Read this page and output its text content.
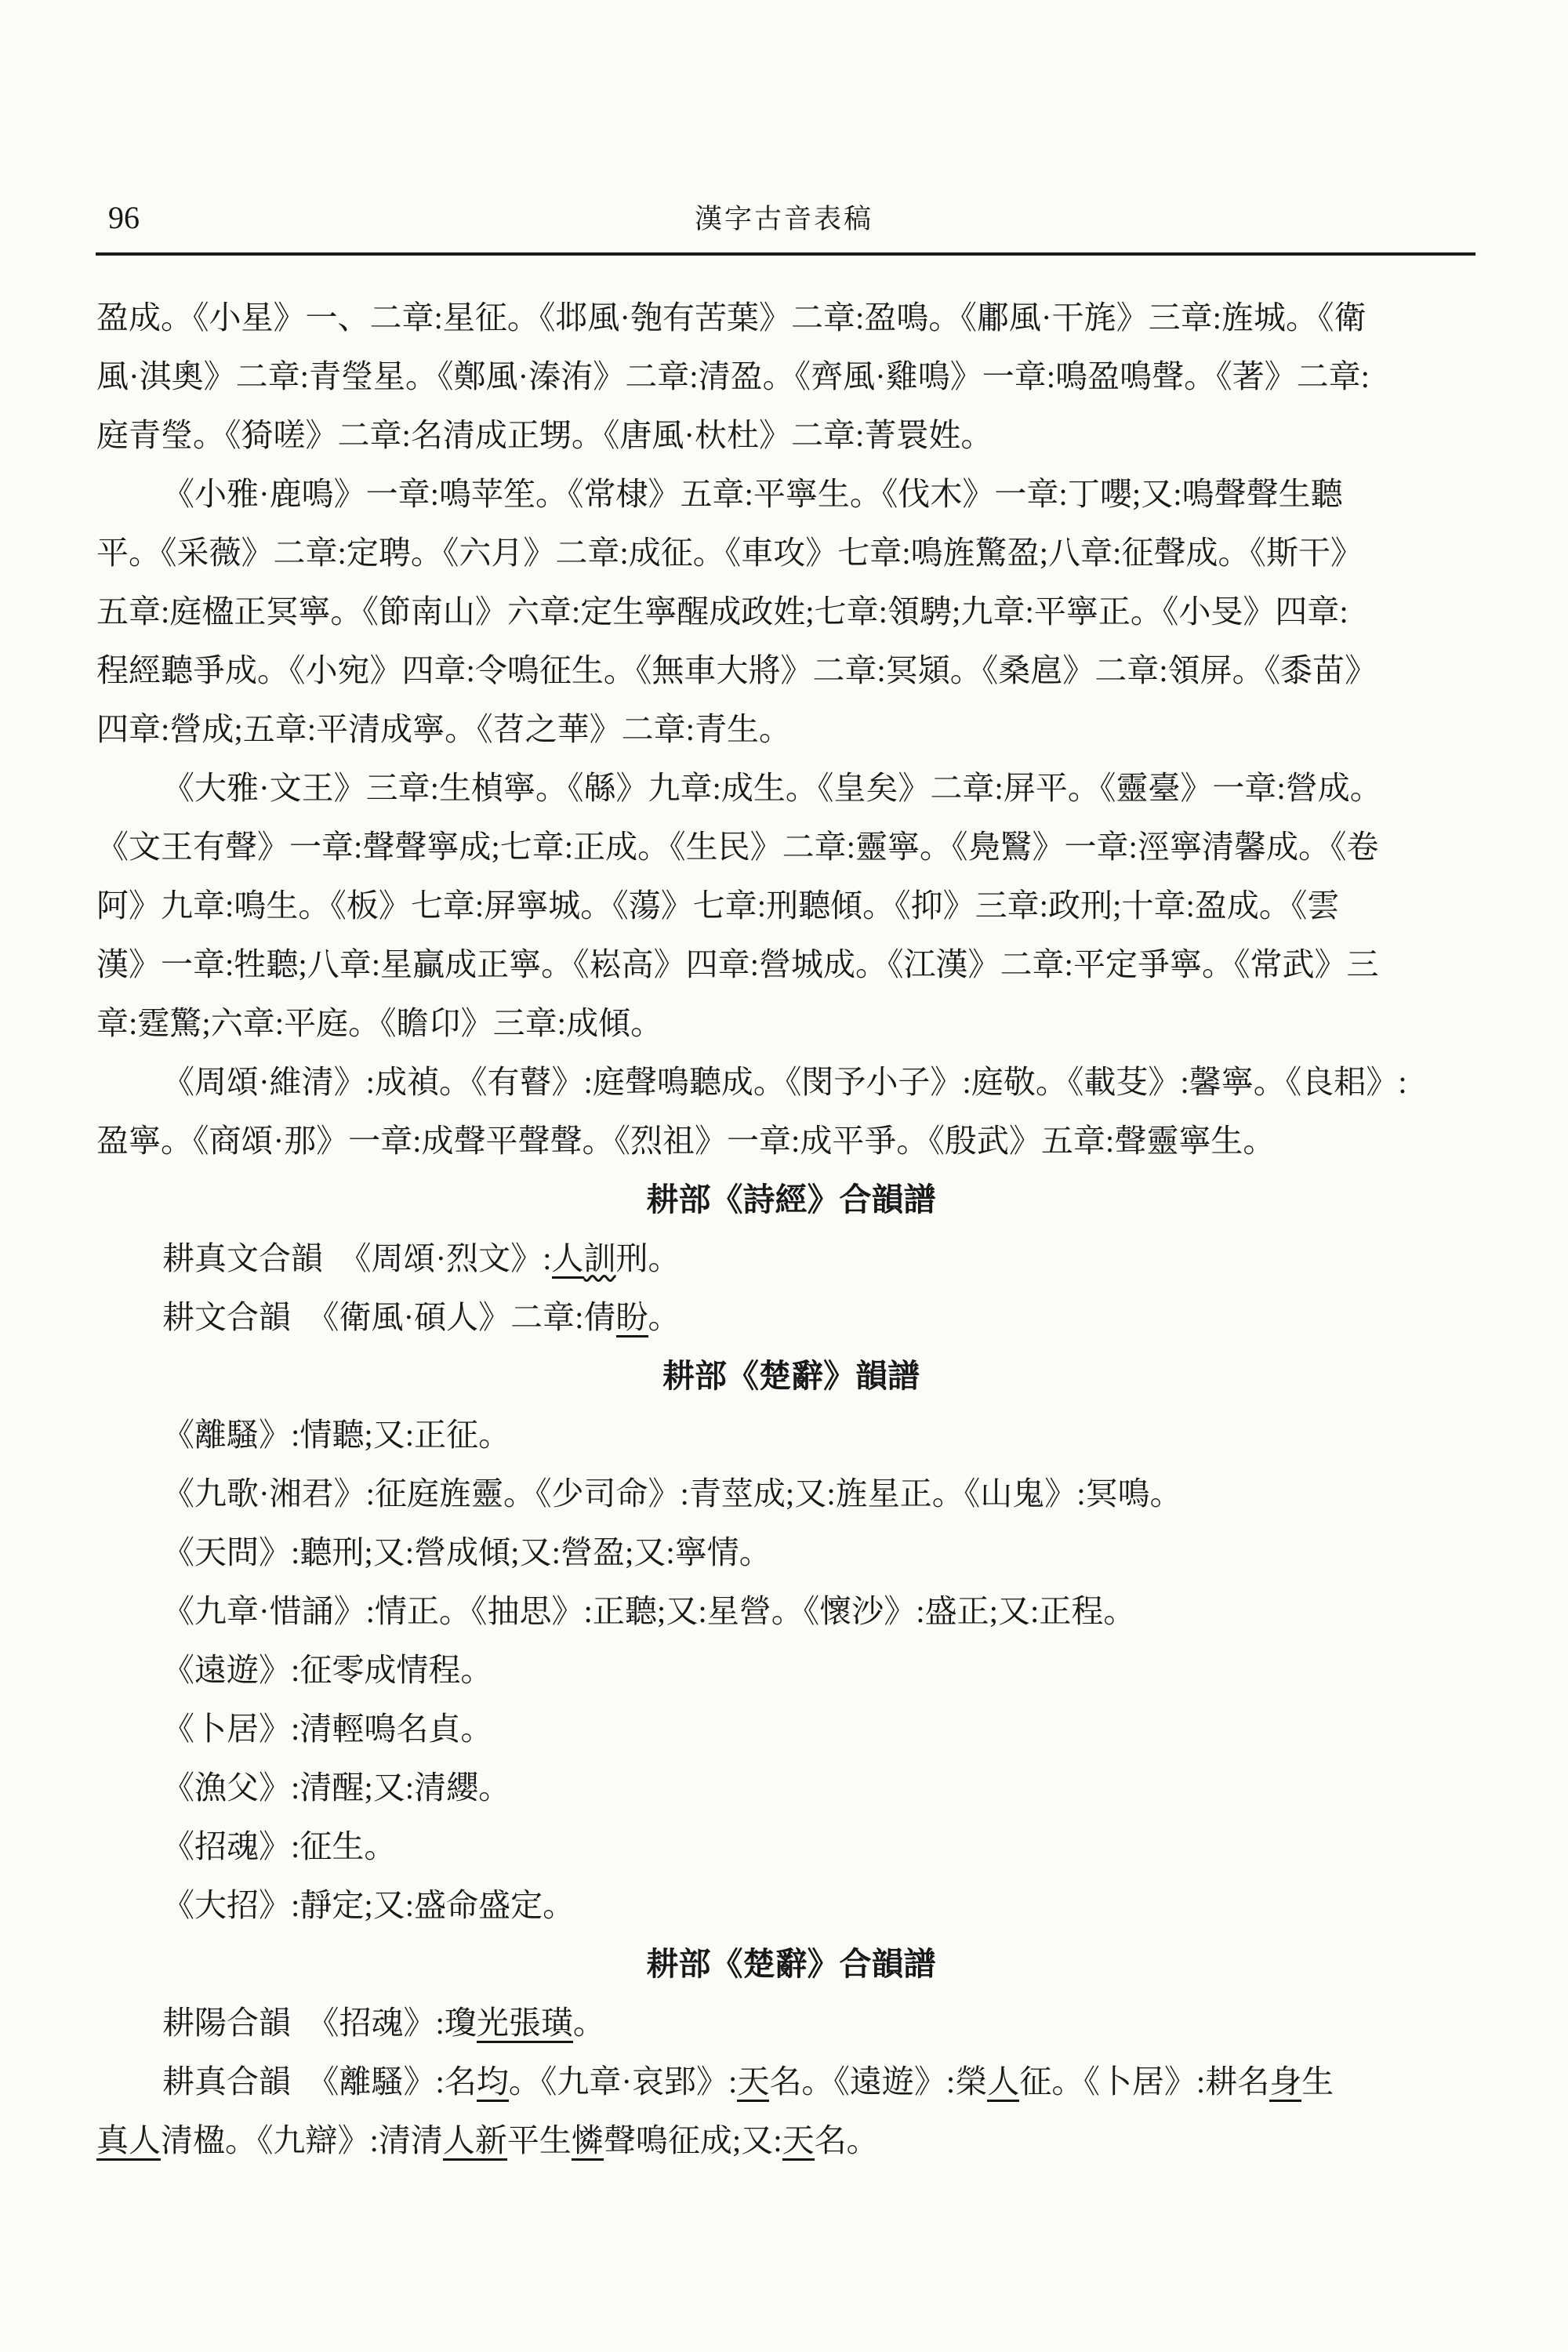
96	漢字古音表稿
盈成。《小星》一、二章:星征。《邶風·匏有苦葉》二章:盈鳴。《鄘風·干旄》三章:旌城。《衛
風·淇奧》二章:青瑩星。《鄭風·溱洧》二章:清盈。《齊風·雞鳴》一章:鳴盈鳴聲。《著》二章:
庭青瑩。《猗嗟》二章:名清成正甥。《唐風·杕杜》二章:菁睘姓。
《小雅·鹿鳴》一章:鳴苹笙。《常棣》五章:平寧生。《伐木》一章:丁嚶;又:鳴聲聲生聽
平。《采薇》二章:定聘。《六月》二章:成征。《車攻》七章:鳴旌驚盈;八章:征聲成。《斯干》
五章:庭楹正冥寧。《節南山》六章:定生寧醒成政姓;七章:領騁;九章:平寧正。《小旻》四章:
程經聽爭成。《小宛》四章:令鳴征生。《無車大將》二章:冥熲。《桑扈》二章:領屏。《黍苗》
四章:營成;五章:平清成寧。《苕之華》二章:青生。
《大雅·文王》三章:生楨寧。《緜》九章:成生。《皇矣》二章:屏平。《靈臺》一章:營成。
《文王有聲》一章:聲聲寧成;七章:正成。《生民》二章:靈寧。《鳧鷖》一章:涇寧清馨成。《卷
阿》九章:鳴生。《板》七章:屏寧城。《蕩》七章:刑聽傾。《抑》三章:政刑;十章:盈成。《雲
漢》一章:牲聽;八章:星贏成正寧。《崧高》四章:營城成。《江漢》二章:平定爭寧。《常武》三
章:霆驚;六章:平庭。《瞻卬》三章:成傾。
《周頌·維清》:成禎。《有瞽》:庭聲鳴聽成。《閔予小子》:庭敬。《載芟》:馨寧。《良耜》:
盈寧。《商頌·那》一章:成聲平聲聲。《烈祖》一章:成平爭。《殷武》五章:聲靈寧生。
耕部《詩經》合韻譜
耕真文合韻　《周頌·烈文》:人訓刑。
耕文合韻　《衛風·碩人》二章:倩盼。
耕部《楚辭》韻譜
《離騷》:情聽;又:正征。
《九歌·湘君》:征庭旌靈。《少司命》:青莖成;又:旌星正。《山鬼》:冥鳴。
《天問》:聽刑;又:營成傾;又:營盈;又:寧情。
《九章·惜誦》:情正。《抽思》:正聽;又:星營。《懷沙》:盛正;又:正程。
《遠遊》:征零成情程。
《卜居》:清輕鳴名貞。
《漁父》:清醒;又:清纓。
《招魂》:征生。
《大招》:靜定;又:盛命盛定。
耕部《楚辭》合韻譜
耕陽合韻　《招魂》:瓊光張璜。
耕真合韻　《離騷》:名均。《九章·哀郢》:天名。《遠遊》:榮人征。《卜居》:耕名身生
真人清楹。《九辯》:清清人新平生憐聲鳴征成;又:天名。
